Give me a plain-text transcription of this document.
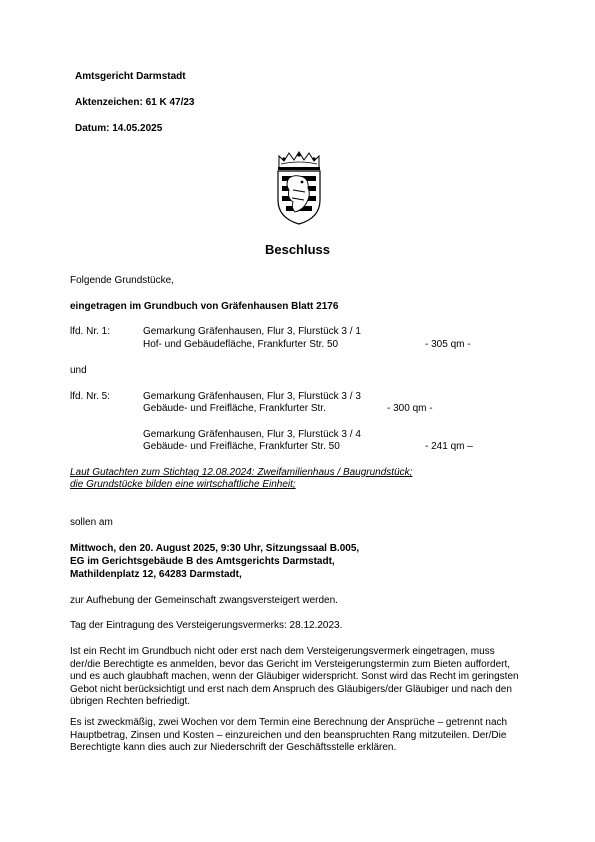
Amtsgericht Darmstadt
Aktenzeichen: 61 K 47/23
Datum: 14.05.2025
Beschluss
Folgende Grundstücke,
eingetragen im Grundbuch von Gräfenhausen Blatt 2176
lfd. Nr. 1:	Gemarkung Gräfenhausen, Flur 3, Flurstück 3 / 1
Hof- und Gebäudefläche, Frankfurter Str. 50	- 305 qm -
und
lfd. Nr. 5:	Gemarkung Gräfenhausen, Flur 3, Flurstück 3 / 3
Gebäude- und Freifläche, Frankfurter Str.	- 300 qm -
Gemarkung Gräfenhausen, Flur 3, Flurstück 3 / 4
Gebäude- und Freifläche, Frankfurter Str. 50	- 241 qm –
Laut Gutachten zum Stichtag 12.08.2024: Zweifamilienhaus / Baugrundstück;
die Grundstücke bilden eine wirtschaftliche Einheit;
sollen am
Mittwoch, den 20. August 2025, 9:30 Uhr, Sitzungssaal B.005,
EG im Gerichtsgebäude B des Amtsgerichts Darmstadt,
Mathildenplatz 12, 64283 Darmstadt,
zur Aufhebung der Gemeinschaft zwangsversteigert werden.
Tag der Eintragung des Versteigerungsvermerks: 28.12.2023.
Ist ein Recht im Grundbuch nicht oder erst nach dem Versteigerungsvermerk eingetragen, muss der/die Berechtigte es anmelden, bevor das Gericht im Versteigerungstermin zum Bieten auffordert, und es auch glaubhaft machen, wenn der Gläubiger widerspricht. Sonst wird das Recht im geringsten Gebot nicht berücksichtigt und erst nach dem Anspruch des Gläubigers/der Gläubiger und nach den übrigen Rechten befriedigt.
Es ist zweckmäßig, zwei Wochen vor dem Termin eine Berechnung der Ansprüche – getrennt nach Hauptbetrag, Zinsen und Kosten – einzureichen und den beanspruchten Rang mitzuteilen. Der/Die Berechtigte kann dies auch zur Niederschrift der Geschäftsstelle erklären.
